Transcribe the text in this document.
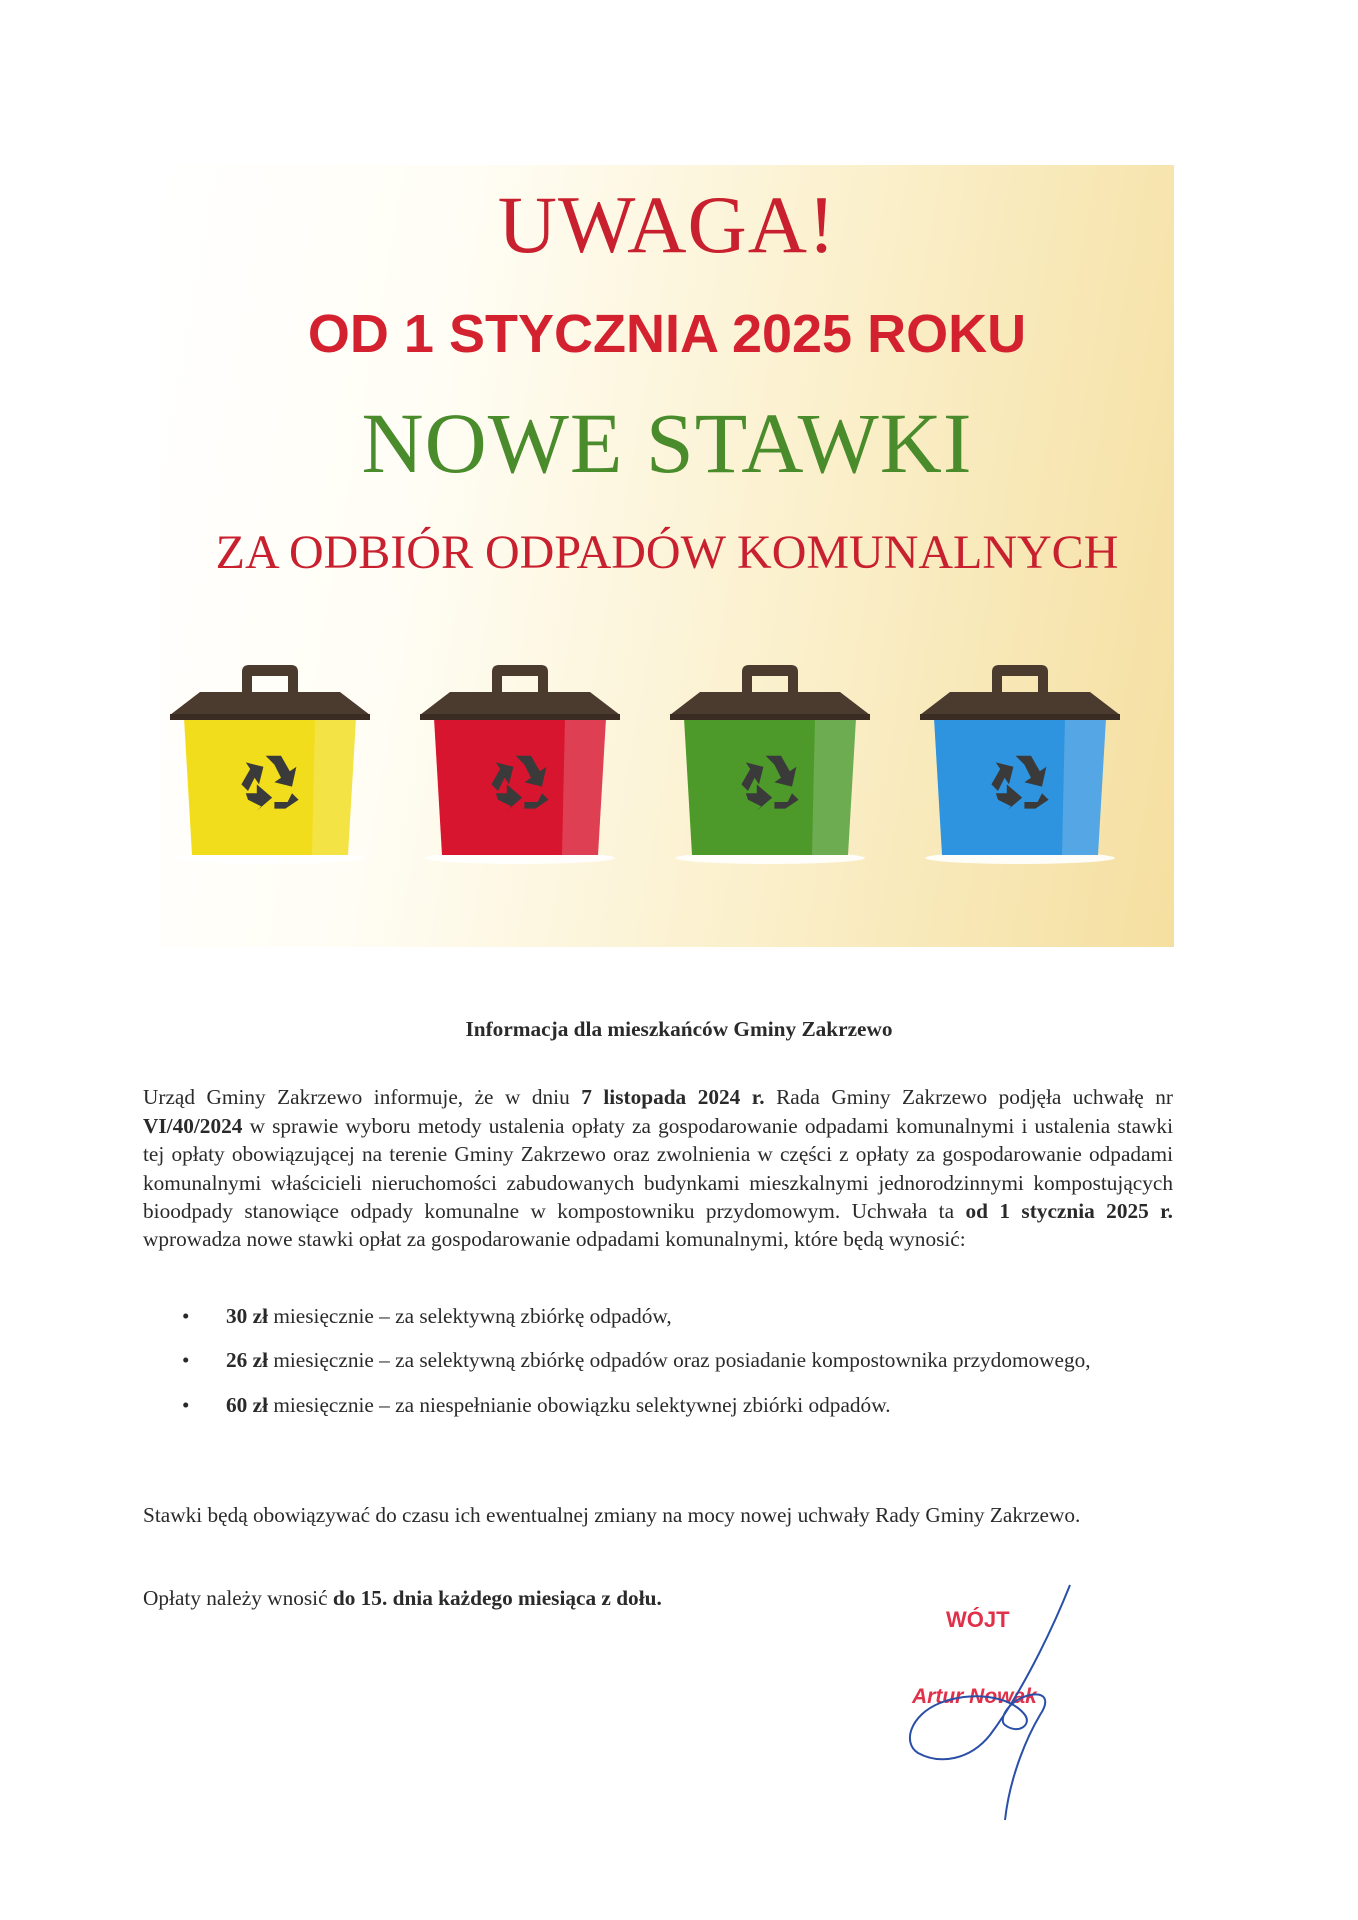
UWAGA!
OD 1 STYCZNIA 2025 ROKU
NOWE STAWKI
ZA ODBIÓR ODPADÓW KOMUNALNYCH
Informacja dla mieszkańców Gminy Zakrzewo

Urząd Gminy Zakrzewo informuje, że w dniu 7 listopada 2024 r. Rada Gminy Zakrzewo podjęła uchwałę nr VI/40/2024 w sprawie wyboru metody ustalenia opłaty za gospodarowanie odpadami komunalnymi i ustalenia stawki tej opłaty obowiązującej na terenie Gminy Zakrzewo oraz zwolnienia w części z opłaty za gospodarowanie odpadami komunalnymi właścicieli nieruchomości zabudowanych budynkami mieszkalnymi jednorodzinnymi kompostujących bioodpady stanowiące odpady komunalne w kompostowniku przydomowym. Uchwała ta od 1 stycznia 2025 r. wprowadza nowe stawki opłat za gospodarowanie odpadami komunalnymi, które będą wynosić:

• 30 zł miesięcznie – za selektywną zbiórkę odpadów,
• 26 zł miesięcznie – za selektywną zbiórkę odpadów oraz posiadanie kompostownika przydomowego,
• 60 zł miesięcznie – za niespełnianie obowiązku selektywnej zbiórki odpadów.

Stawki będą obowiązywać do czasu ich ewentualnej zmiany na mocy nowej uchwały Rady Gminy Zakrzewo.

Opłaty należy wnosić do 15. dnia każdego miesiąca z dołu.

WÓJT
Artur Nowak
